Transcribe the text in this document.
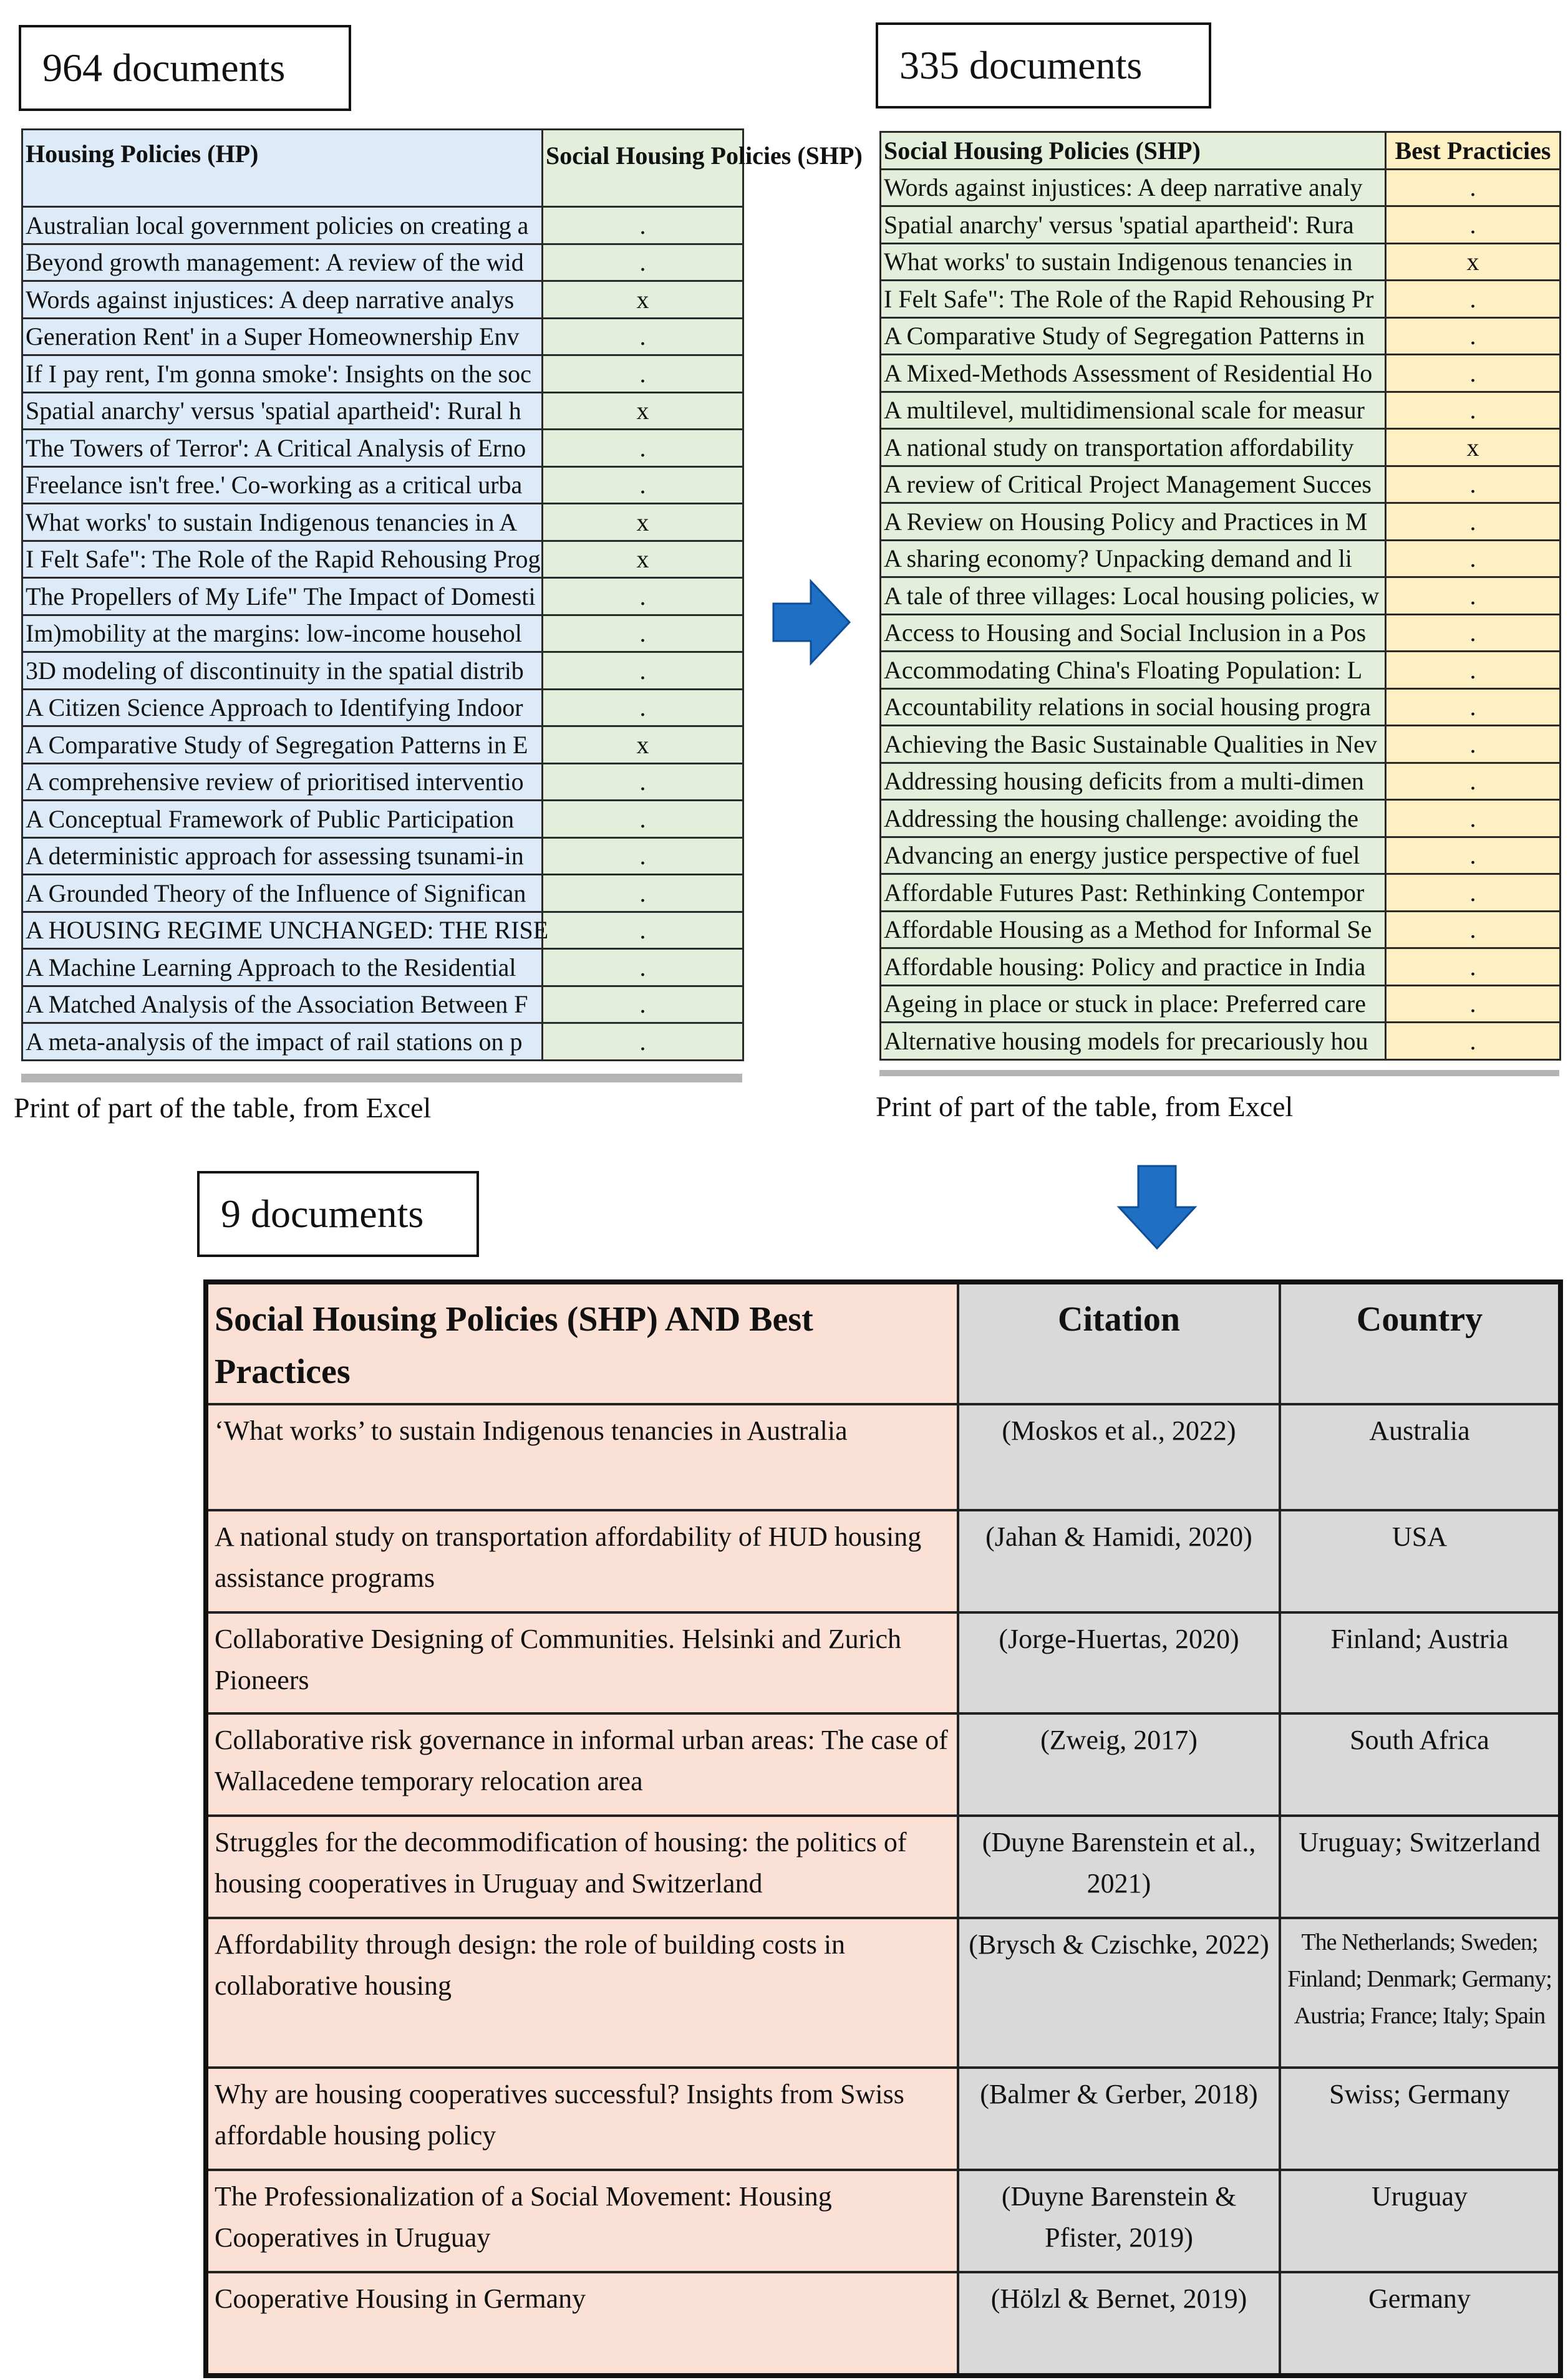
964 documents
Housing Policies (HP)	Social Housing Policies (SHP)
Australian local government policies on creating a	.
Beyond growth management: A review of the wid	.
Words against injustices: A deep narrative analys	x
Generation Rent' in a Super Homeownership Env	.
If I pay rent, I'm gonna smoke': Insights on the soc	.
Spatial anarchy' versus 'spatial apartheid': Rural h	x
The Towers of Terror': A Critical Analysis of Erno	.
Freelance isn't free.' Co-working as a critical urba	.
What works' to sustain Indigenous tenancies in A	x
I Felt Safe": The Role of the Rapid Rehousing Prog	x
The Propellers of My Life" The Impact of Domesti	.
Im)mobility at the margins: low-income househol	.
3D modeling of discontinuity in the spatial distrib	.
A Citizen Science Approach to Identifying Indoor	.
A Comparative Study of Segregation Patterns in E	x
A comprehensive review of prioritised interventio	.
A Conceptual Framework of Public Participation	.
A deterministic approach for assessing tsunami-in	.
A Grounded Theory of the Influence of Significan	.
A HOUSING REGIME UNCHANGED: THE RISE	.
A Machine Learning Approach to the Residential	.
A Matched Analysis of the Association Between F	.
A meta-analysis of the impact of rail stations on p	.
Print of part of the table, from Excel
335 documents
Social Housing Policies (SHP)	Best Practicies
Words against injustices: A deep narrative analy	.
Spatial anarchy' versus 'spatial apartheid': Rura	.
What works' to sustain Indigenous tenancies in	x
I Felt Safe": The Role of the Rapid Rehousing Pr	.
A Comparative Study of Segregation Patterns in	.
A Mixed-Methods Assessment of Residential Ho	.
A multilevel, multidimensional scale for measur	.
A national study on transportation affordability	x
A review of Critical Project Management Succes	.
A Review on Housing Policy and Practices in M	.
A sharing economy? Unpacking demand and li	.
A tale of three villages: Local housing policies, w	.
Access to Housing and Social Inclusion in a Pos	.
Accommodating China's Floating Population: L	.
Accountability relations in social housing progra	.
Achieving the Basic Sustainable Qualities in Nev	.
Addressing housing deficits from a multi-dimen	.
Addressing the housing challenge: avoiding the	.
Advancing an energy justice perspective of fuel	.
Affordable Futures Past: Rethinking Contempor	.
Affordable Housing as a Method for Informal Se	.
Affordable housing: Policy and practice in India	.
Ageing in place or stuck in place: Preferred care	.
Alternative housing models for precariously hou	.
Print of part of the table, from Excel
9 documents
Social Housing Policies (SHP) AND Best Practices	Citation	Country
‘What works’ to sustain Indigenous tenancies in Australia	(Moskos et al., 2022)	Australia
A national study on transportation affordability of HUD housing assistance programs	(Jahan & Hamidi, 2020)	USA
Collaborative Designing of Communities. Helsinki and Zurich Pioneers	(Jorge-Huertas, 2020)	Finland; Austria
Collaborative risk governance in informal urban areas: The case of Wallacedene temporary relocation area	(Zweig, 2017)	South Africa
Struggles for the decommodification of housing: the politics of housing cooperatives in Uruguay and Switzerland	(Duyne Barenstein et al., 2021)	Uruguay; Switzerland
Affordability through design: the role of building costs in collaborative housing	(Brysch & Czischke, 2022)	The Netherlands; Sweden; Finland; Denmark; Germany; Austria; France; Italy; Spain
Why are housing cooperatives successful? Insights from Swiss affordable housing policy	(Balmer & Gerber, 2018)	Swiss; Germany
The Professionalization of a Social Movement: Housing Cooperatives in Uruguay	(Duyne Barenstein & Pfister, 2019)	Uruguay
Cooperative Housing in Germany	(Hölzl & Bernet, 2019)	Germany
